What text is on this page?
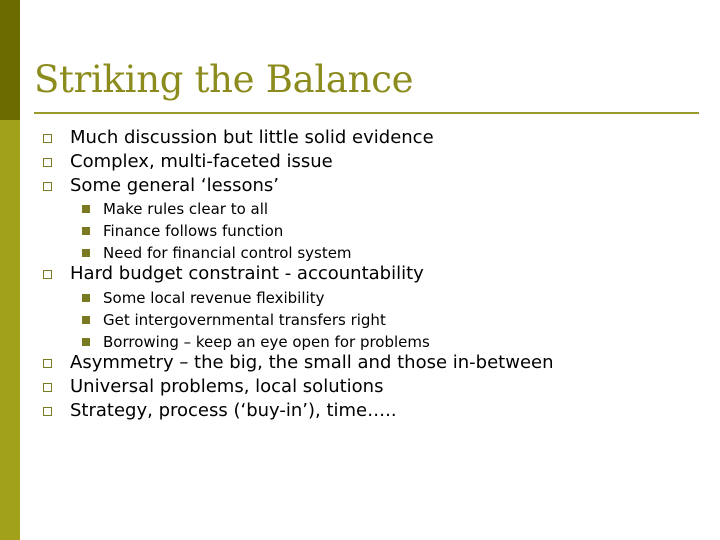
Striking the Balance
Much discussion but little solid evidence
Complex, multi-faceted issue
Some general ‘lessons’
Make rules clear to all
Finance follows function
Need for financial control system
Hard budget constraint - accountability
Some local revenue flexibility
Get intergovernmental transfers right
Borrowing – keep an eye open for problems
Asymmetry – the big, the small and those in-between
Universal problems, local solutions
Strategy, process (‘buy-in’), time…..
